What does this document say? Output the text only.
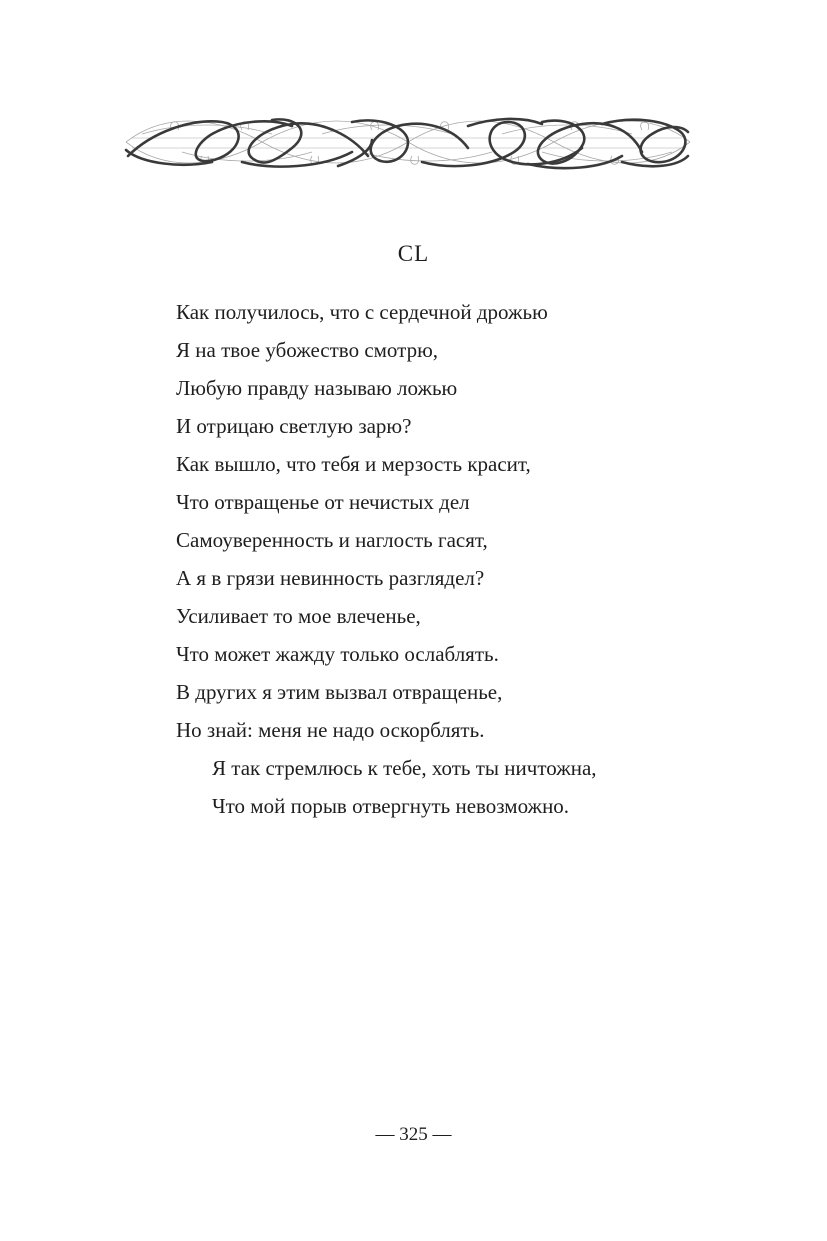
CL
Как получилось, что с сердечной дрожью
Я на твое убожество смотрю,
Любую правду называю ложью
И отрицаю светлую зарю?
Как вышло, что тебя и мерзость красит,
Что отвращенье от нечистых дел
Самоуверенность и наглость гасят,
А я в грязи невинность разглядел?
Усиливает то мое влеченье,
Что может жажду только ослаблять.
В других я этим вызвал отвращенье,
Но знай: меня не надо оскорблять.
Я так стремлюсь к тебе, хоть ты ничтожна,
Что мой порыв отвергнуть невозможно.
— 325 —
